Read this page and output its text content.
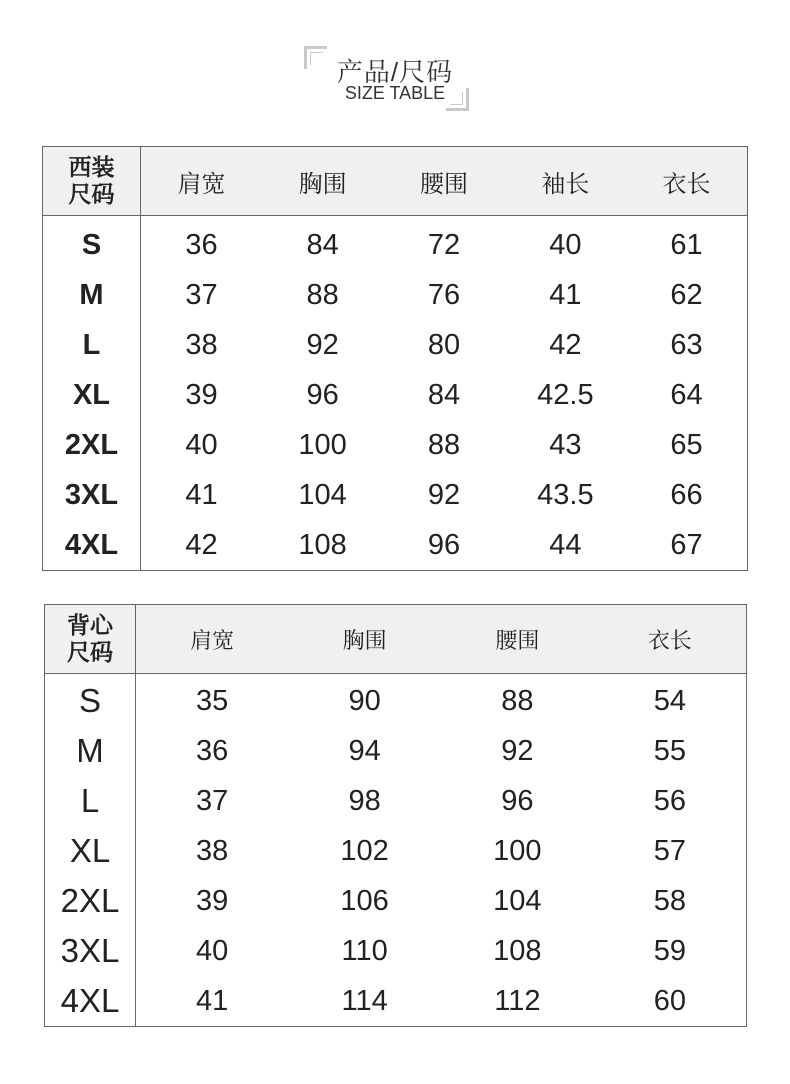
产品/尺码
SIZE TABLE
西装
尺码	肩宽	胸围	腰围	袖长	衣长
S	36	84	72	40	61
M	37	88	76	41	62
L	38	92	80	42	63
XL	39	96	84	42.5	64
2XL	40	100	88	43	65
3XL	41	104	92	43.5	66
4XL	42	108	96	44	67
背心
尺码	肩宽	胸围	腰围	衣长
S	35	90	88	54
M	36	94	92	55
L	37	98	96	56
XL	38	102	100	57
2XL	39	106	104	58
3XL	40	110	108	59
4XL	41	114	112	60
